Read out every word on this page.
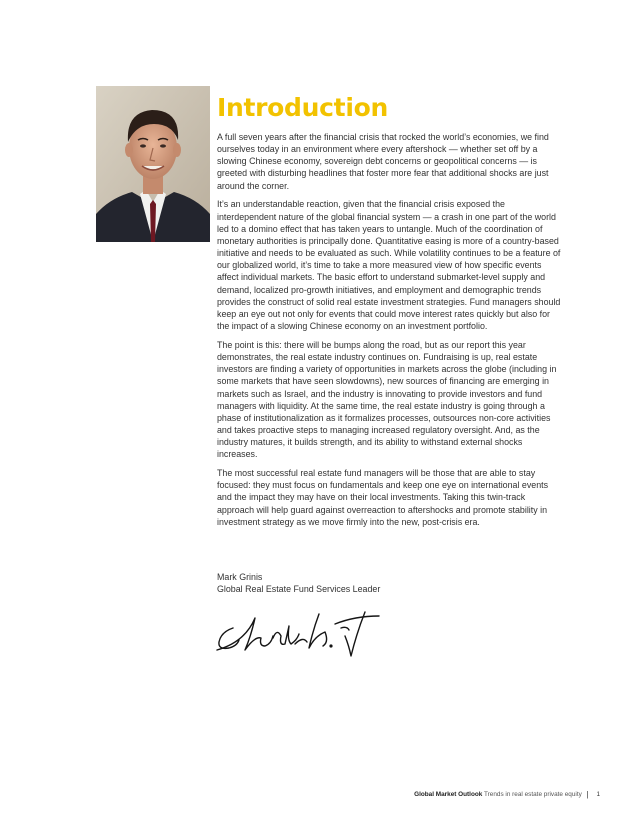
Introduction

A full seven years after the financial crisis that rocked the world’s economies, we find ourselves today in an environment where every aftershock — whether set off by a slowing Chinese economy, sovereign debt concerns or geopolitical concerns — is greeted with disturbing headlines that foster more fear that additional shocks are just around the corner.

It’s an understandable reaction, given that the financial crisis exposed the interdependent nature of the global financial system — a crash in one part of the world led to a domino effect that has taken years to untangle. Much of the coordination of monetary authorities is principally done. Quantitative easing is more of a country-based initiative and needs to be evaluated as such. While volatility continues to be a feature of our globalized world, it’s time to take a more measured view of how specific events affect individual markets. The basic effort to understand submarket-level supply and demand, localized pro-growth initiatives, and employment and demographic trends provides the construct of solid real estate investment strategies. Fund managers should keep an eye out not only for events that could move interest rates quickly but also for the impact of a slowing Chinese economy on an investment portfolio.

The point is this: there will be bumps along the road, but as our report this year demonstrates, the real estate industry continues on. Fundraising is up, real estate investors are finding a variety of opportunities in markets across the globe (including in some markets that have seen slowdowns), new sources of financing are emerging in markets such as Israel, and the industry is innovating to provide investors and fund managers with liquidity. At the same time, the real estate industry is going through a phase of institutionalization as it formalizes processes, outsources non-core activities and takes proactive steps to managing increased regulatory oversight. And, as the industry matures, it builds strength, and its ability to withstand external shocks increases.

The most successful real estate fund managers will be those that are able to stay focused: they must focus on fundamentals and keep one eye on international events and the impact they may have on their local investments. Taking this twin-track approach will help guard against overreaction to aftershocks and promote stability in investment strategy as we move firmly into the new, post-crisis era.

Mark Grinis
Global Real Estate Fund Services Leader
Global Market Outlook Trends in real estate private equity | 1
